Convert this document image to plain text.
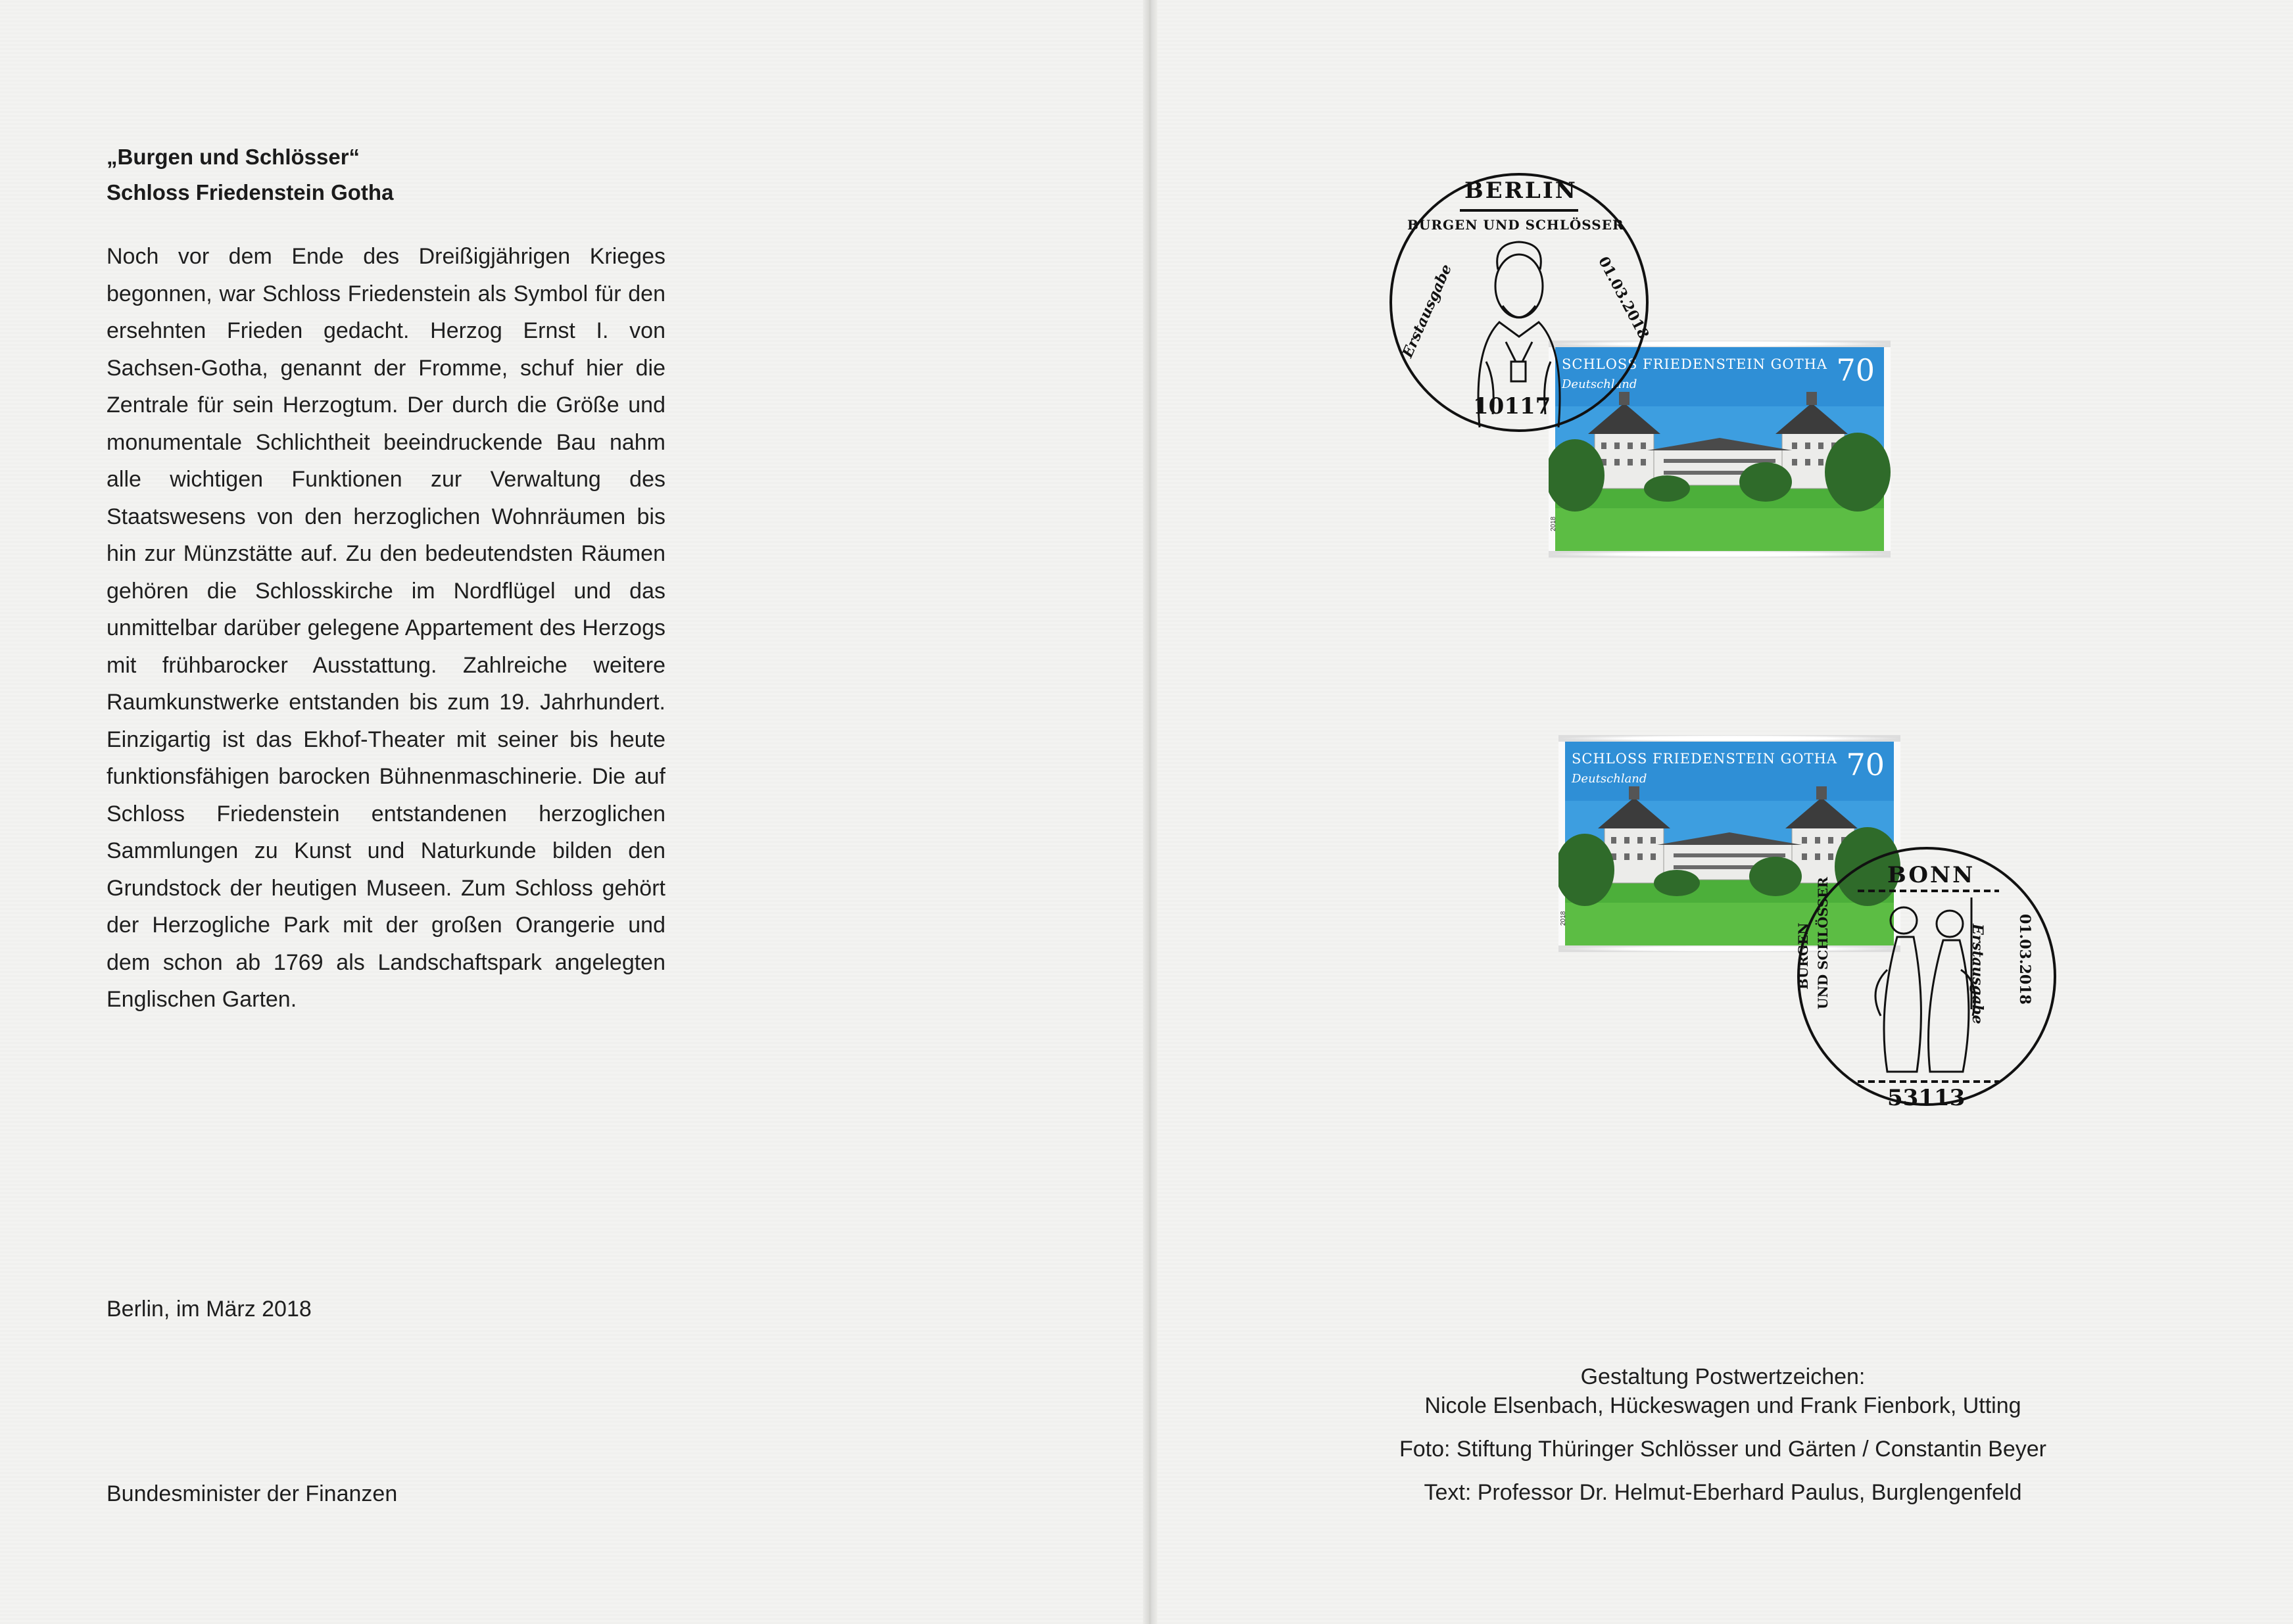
„Burgen und Schlösser“
Schloss Friedenstein Gotha
Noch vor dem Ende des Dreißigjährigen Krieges begonnen, war Schloss Friedenstein als Symbol für den ersehnten Frieden gedacht. Herzog Ernst I. von Sachsen-Gotha, genannt der Fromme, schuf hier die Zentrale für sein Herzogtum. Der durch die Größe und monumentale Schlichtheit beeindruckende Bau nahm alle wichtigen Funktionen zur Verwaltung des Staatswesens von den herzoglichen Wohnräumen bis hin zur Münzstätte auf. Zu den bedeutendsten Räumen gehören die Schlosskirche im Nordflügel und das unmittelbar darüber gelegene Appartement des Herzogs mit frühbarocker Ausstattung. Zahlreiche weitere Raumkunstwerke entstanden bis zum 19. Jahrhundert. Einzigartig ist das Ekhof-Theater mit seiner bis heute funktionsfähigen barocken Bühnenmaschinerie. Die auf Schloss Friedenstein entstandenen herzoglichen Sammlungen zu Kunst und Naturkunde bilden den Grundstock der heutigen Museen. Zum Schloss gehört der Herzogliche Park mit der großen Orangerie und dem schon ab 1769 als Landschaftspark angelegten Englischen Garten.
Berlin, im März 2018
Bundesminister der Finanzen
SCHLOSS FRIEDENSTEIN GOTHA
Deutschland	70
2018
SCHLOSS FRIEDENSTEIN GOTHA
Deutschland	70
2018
BERLIN
BURGEN UND SCHLÖSSER
Erstausgabe	01.03.2018
10117
BONN
BURGEN UND SCHLÖSSER	Erstausgabe 01.03.2018
53113
Gestaltung Postwertzeichen:
Nicole Elsenbach, Hückeswagen und Frank Fienbork, Utting
Foto: Stiftung Thüringer Schlösser und Gärten / Constantin Beyer
Text: Professor Dr. Helmut-Eberhard Paulus, Burglengenfeld
